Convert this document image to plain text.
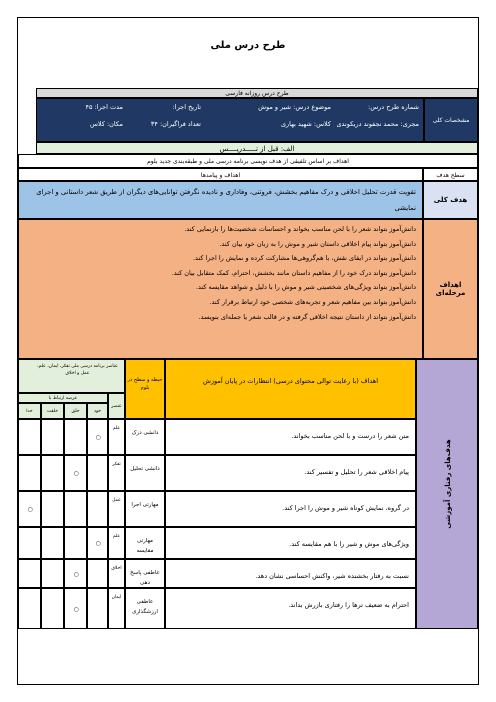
طرح درس ملی
طرح درس روزانه فارسی
شماره طرح درس:
موضوع درس: شیر و موش
تاریخ اجرا:
مدت اجرا: ۴۵
مجری: محمد نجفوند دریکوندی
کلاس: شهید بهاری
تعداد فراگیران: ۳۴
مکان: کلاس	مشخصات کلی
الف: قبل از تـــــدریــــس
اهداف بر اساس تلفیقی از هدف نویسی برنامه درسی ملی و طبقه‌بندی جدید بلوم
اهداف و پیامدها	سطح هدف
تقویت قدرت تحلیل اخلاقی و درک مفاهیم بخشش، فروتنی، وفاداری و نادیده نگرفتن توانایی‌های دیگران از طریق شعر داستانی و اجرای نمایشی
هدف کلی
دانش‌آموز بتواند شعر را با لحن مناسب بخواند و احساسات شخصیت‌ها را بازنمایی کند.
دانش‌آموز بتواند پیام اخلاقی داستان شیر و موش را به زبان خود بیان کند.
دانش‌آموز بتواند در ایفای نقش، با هم‌گروهی‌ها مشارکت کرده و نمایش را اجرا کند.
دانش‌آموز بتواند درک خود را از مفاهیم داستان مانند بخشش، احترام، کمک متقابل بیان کند.
دانش‌آموز بتواند ویژگی‌های شخصیتی شیر و موش را با دلیل و شواهد مقایسه کند.
دانش‌آموز بتواند بین مفاهیم شعر و تجربه‌های شخصی خود ارتباط برقرار کند.
دانش‌آموز بتواند از داستان نتیجه اخلاقی گرفته و در قالب شعر یا جمله‌ای بنویسد.
اهداف مرحله‌ای
هدف‌های رفتاری آموزشی
اهداف (با رعایت توالی محتوای درسی) انتظارات در پایان آموزش
حیطه و سطح در بلوم
عناصر برنامه درسی ملی تفکر، ایمان، علم، عمل و اخلاق
عرصه ارتباط با
عنصر
خود
خلق
خلقت
خدا
متن شعر را درست و با لحن مناسب بخواند.
دانشی درک
علم
○
پیام اخلاقی شعر را تحلیل و تفسیر کند.
دانشی تحلیل
تفکر
○
در گروه، نمایش کوتاه شیر و موش را اجرا کند.
مهارتی اجرا
عمل
○
ویژگی‌های موش و شیر را با هم مقایسه کند.
مهارتی مقایسه
علم
○
نسبت به رفتار بخشنده شیر، واکنش احساسی نشان دهد.
عاطفی پاسخ دهی
اخلاق
○
احترام به ضعیف ترها را رفتاری بازرش بداند.
عاطفی ارزشگذاری
ایمان
○
